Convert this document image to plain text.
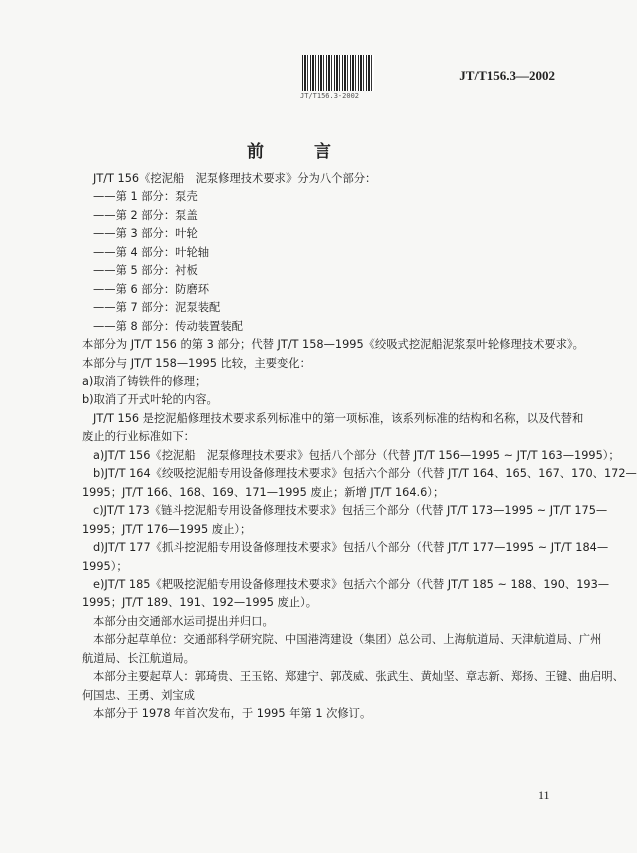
JT/T156.3-2002
JT/T156.3—2002
前 言
JT/T 156《挖泥船　泥泵修理技术要求》分为八个部分：
——第 1 部分：泵壳
——第 2 部分：泵盖
——第 3 部分：叶轮
——第 4 部分：叶轮轴
——第 5 部分：衬板
——第 6 部分：防磨环
——第 7 部分：泥泵装配
——第 8 部分：传动装置装配
本部分为 JT/T 156 的第 3 部分；代替 JT/T 158—1995《绞吸式挖泥船泥浆泵叶轮修理技术要求》。
本部分与 JT/T 158—1995 比较，主要变化：
a)取消了铸铁件的修理；
b)取消了开式叶轮的内容。
JT/T 156 是挖泥船修理技术要求系列标准中的第一项标准，该系列标准的结构和名称，以及代替和
废止的行业标准如下：
a)JT/T 156《挖泥船　泥泵修理技术要求》包括八个部分（代替 JT/T 156—1995 ~ JT/T 163—1995）；
b)JT/T 164《绞吸挖泥船专用设备修理技术要求》包括六个部分（代替 JT/T 164、165、167、170、172—
1995；JT/T 166、168、169、171—1995 废止；新增 JT/T 164.6）；
c)JT/T 173《链斗挖泥船专用设备修理技术要求》包括三个部分（代替 JT/T 173—1995 ~ JT/T 175—
1995；JT/T 176—1995 废止）；
d)JT/T 177《抓斗挖泥船专用设备修理技术要求》包括八个部分（代替 JT/T 177—1995 ~ JT/T 184—
1995）；
e)JT/T 185《耙吸挖泥船专用设备修理技术要求》包括六个部分（代替 JT/T 185 ~ 188、190、193—
1995；JT/T 189、191、192—1995 废止）。
本部分由交通部水运司提出并归口。
本部分起草单位：交通部科学研究院、中国港湾建设（集团）总公司、上海航道局、天津航道局、广州
航道局、长江航道局。
本部分主要起草人：郭琦贵、王玉铭、郑建宁、郭茂威、张武生、黄灿坚、章志新、郑扬、王键、曲启明、
何国忠、王勇、刘宝成
本部分于 1978 年首次发布，于 1995 年第 1 次修订。
11
